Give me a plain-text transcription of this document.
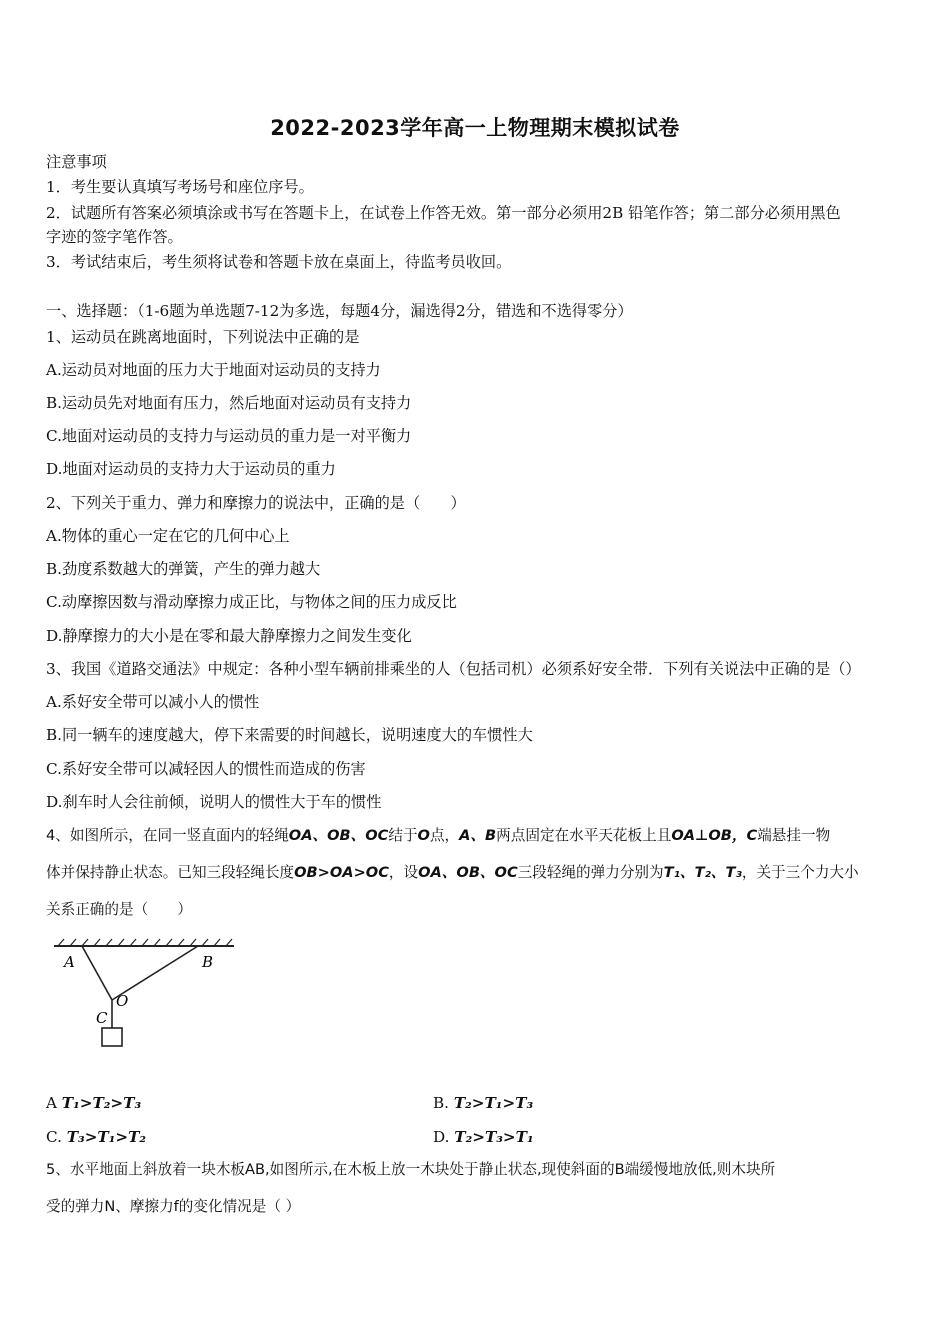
2022-2023学年高一上物理期末模拟试卷
注意事项
1．考生要认真填写考场号和座位序号。
2．试题所有答案必须填涂或书写在答题卡上，在试卷上作答无效。第一部分必须用2B 铅笔作答；第二部分必须用黑色
字迹的签字笔作答。
3．考试结束后，考生须将试卷和答题卡放在桌面上，待监考员收回。
一、选择题：（1-6题为单选题7-12为多选，每题4分，漏选得2分，错选和不选得零分）
1、运动员在跳离地面时，下列说法中正确的是
A.运动员对地面的压力大于地面对运动员的支持力
B.运动员先对地面有压力，然后地面对运动员有支持力
C.地面对运动员的支持力与运动员的重力是一对平衡力
D.地面对运动员的支持力大于运动员的重力
2、下列关于重力、弹力和摩擦力的说法中，正确的是（　　）
A.物体的重心一定在它的几何中心上
B.劲度系数越大的弹簧，产生的弹力越大
C.动摩擦因数与滑动摩擦力成正比，与物体之间的压力成反比
D.静摩擦力的大小是在零和最大静摩擦力之间发生变化
3、我国《道路交通法》中规定：各种小型车辆前排乘坐的人（包括司机）必须系好安全带．下列有关说法中正确的是（）
A.系好安全带可以减小人的惯性
B.同一辆车的速度越大，停下来需要的时间越长，说明速度大的车惯性大
C.系好安全带可以减轻因人的惯性而造成的伤害
D.刹车时人会往前倾，说明人的惯性大于车的惯性
4、如图所示，在同一竖直面内的轻绳OA、OB、OC结于O点，A、B两点固定在水平天花板上且OA⊥OB，C端悬挂一物
体并保持静止状态。已知三段轻绳长度OB>OA>OC，设OA、OB、OC三段轻绳的弹力分别为T₁、T₂、T₃，关于三个力大小
关系正确的是（　　）
A	B
O
C
A T₁>T₂>T₃	B. T₂>T₁>T₃
C. T₃>T₁>T₂	D. T₂>T₃>T₁
5、水平地面上斜放着一块木板AB,如图所示,在木板上放一木块处于静止状态,现使斜面的B端缓慢地放低,则木块所
受的弹力N、摩擦力f的变化情况是（ ）
